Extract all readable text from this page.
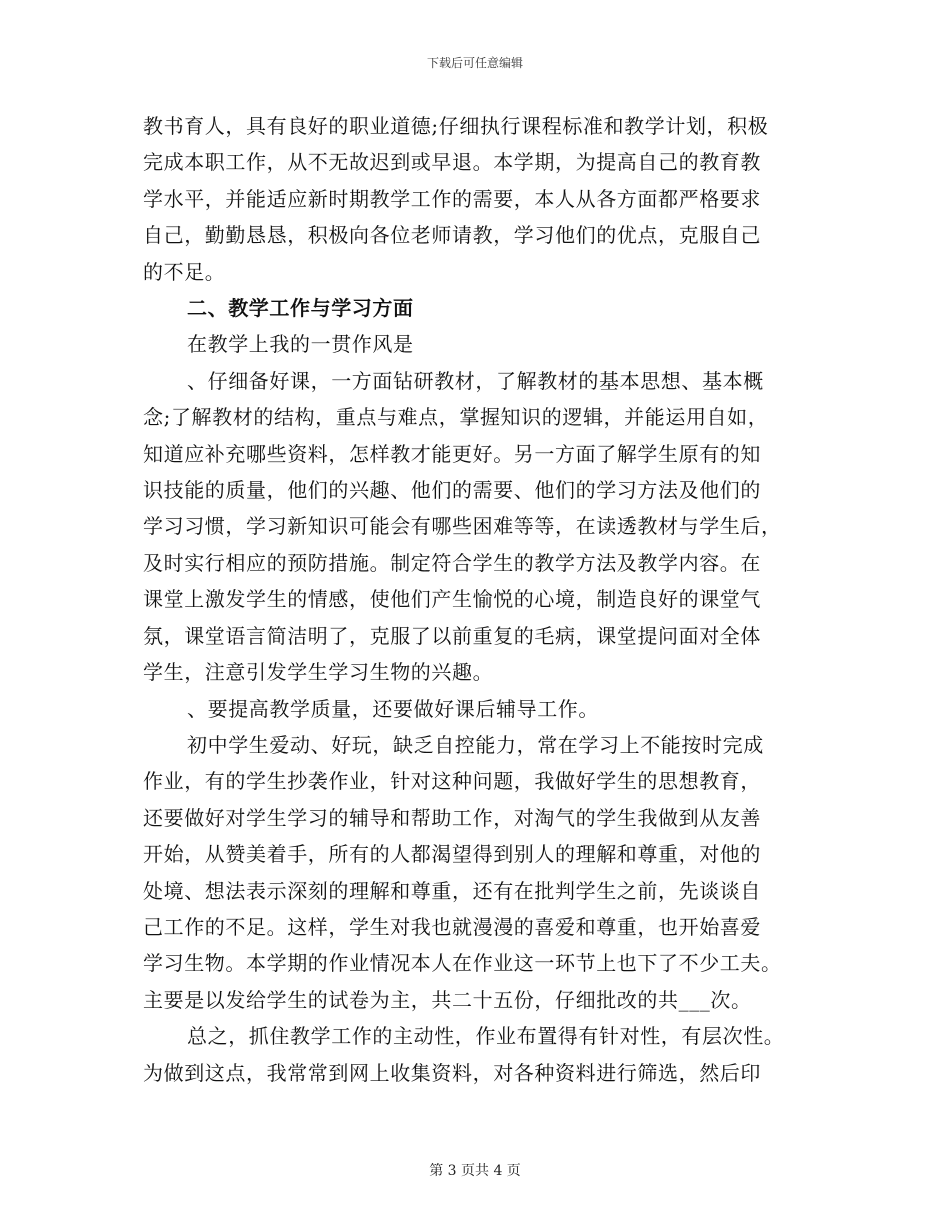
下载后可任意编辑

教书育人，具有良好的职业道德;仔细执行课程标准和教学计划，积极

完成本职工作，从不无故迟到或早退。本学期，为提高自己的教育教

学水平，并能适应新时期教学工作的需要，本人从各方面都严格要求

自己，勤勤恳恳，积极向各位老师请教，学习他们的优点，克服自己

的不足。

二、教学工作与学习方面

在教学上我的一贯作风是

、仔细备好课，一方面钻研教材，了解教材的基本思想、基本概

念;了解教材的结构，重点与难点，掌握知识的逻辑，并能运用自如，

知道应补充哪些资料，怎样教才能更好。另一方面了解学生原有的知

识技能的质量，他们的兴趣、他们的需要、他们的学习方法及他们的

学习习惯，学习新知识可能会有哪些困难等等，在读透教材与学生后，

及时实行相应的预防措施。制定符合学生的教学方法及教学内容。在

课堂上激发学生的情感，使他们产生愉悦的心境，制造良好的课堂气

氛，课堂语言简洁明了，克服了以前重复的毛病，课堂提问面对全体

学生，注意引发学生学习生物的兴趣。

、要提高教学质量，还要做好课后辅导工作。

初中学生爱动、好玩，缺乏自控能力，常在学习上不能按时完成

作业，有的学生抄袭作业，针对这种问题，我做好学生的思想教育，

还要做好对学生学习的辅导和帮助工作，对淘气的学生我做到从友善

开始，从赞美着手，所有的人都渴望得到别人的理解和尊重，对他的

处境、想法表示深刻的理解和尊重，还有在批判学生之前，先谈谈自

己工作的不足。这样，学生对我也就漫漫的喜爱和尊重，也开始喜爱

学习生物。本学期的作业情况本人在作业这一环节上也下了不少工夫。

主要是以发给学生的试卷为主，共二十五份，仔细批改的共___次。

总之，抓住教学工作的主动性，作业布置得有针对性，有层次性。

为做到这点，我常常到网上收集资料，对各种资料进行筛选，然后印

第 3 页共 4 页
